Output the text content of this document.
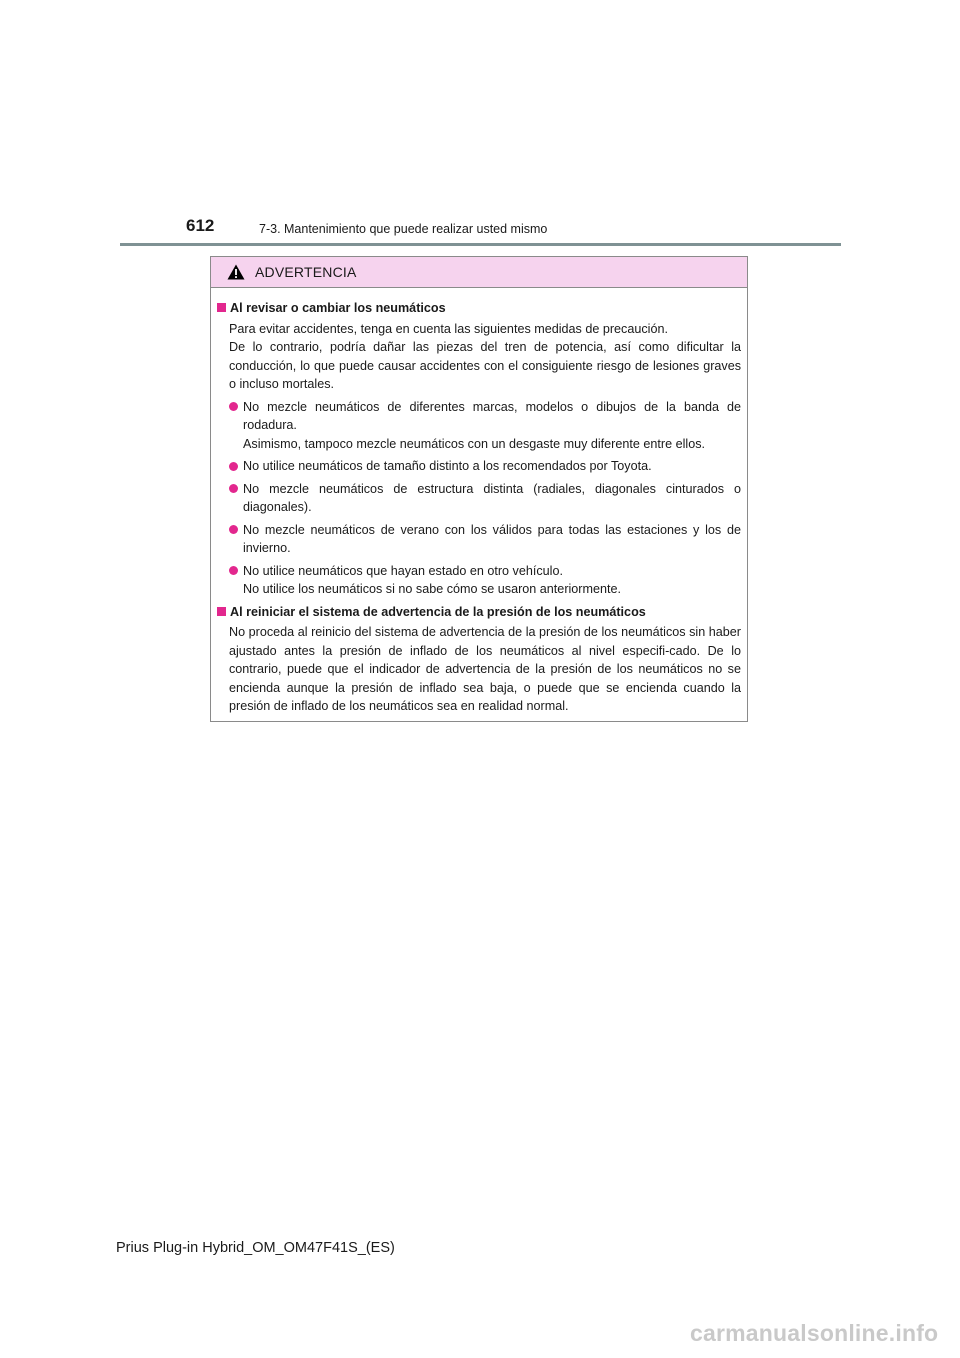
612	7-3. Mantenimiento que puede realizar usted mismo
ADVERTENCIA
Al revisar o cambiar los neumáticos
Para evitar accidentes, tenga en cuenta las siguientes medidas de precaución.
De lo contrario, podría dañar las piezas del tren de potencia, así como dificultar la conducción, lo que puede causar accidentes con el consiguiente riesgo de lesiones graves o incluso mortales.
No mezcle neumáticos de diferentes marcas, modelos o dibujos de la banda de rodadura.
Asimismo, tampoco mezcle neumáticos con un desgaste muy diferente entre ellos.
No utilice neumáticos de tamaño distinto a los recomendados por Toyota.
No mezcle neumáticos de estructura distinta (radiales, diagonales cinturados o diagonales).
No mezcle neumáticos de verano con los válidos para todas las estaciones y los de invierno.
No utilice neumáticos que hayan estado en otro vehículo.
No utilice los neumáticos si no sabe cómo se usaron anteriormente.
Al reiniciar el sistema de advertencia de la presión de los neumáticos
No proceda al reinicio del sistema de advertencia de la presión de los neumáticos sin haber ajustado antes la presión de inflado de los neumáticos al nivel especifi-cado. De lo contrario, puede que el indicador de advertencia de la presión de los neumáticos no se encienda aunque la presión de inflado sea baja, o puede que se encienda cuando la presión de inflado de los neumáticos sea en realidad normal.
Prius Plug-in Hybrid_OM_OM47F41S_(ES)
carmanualsonline.info
